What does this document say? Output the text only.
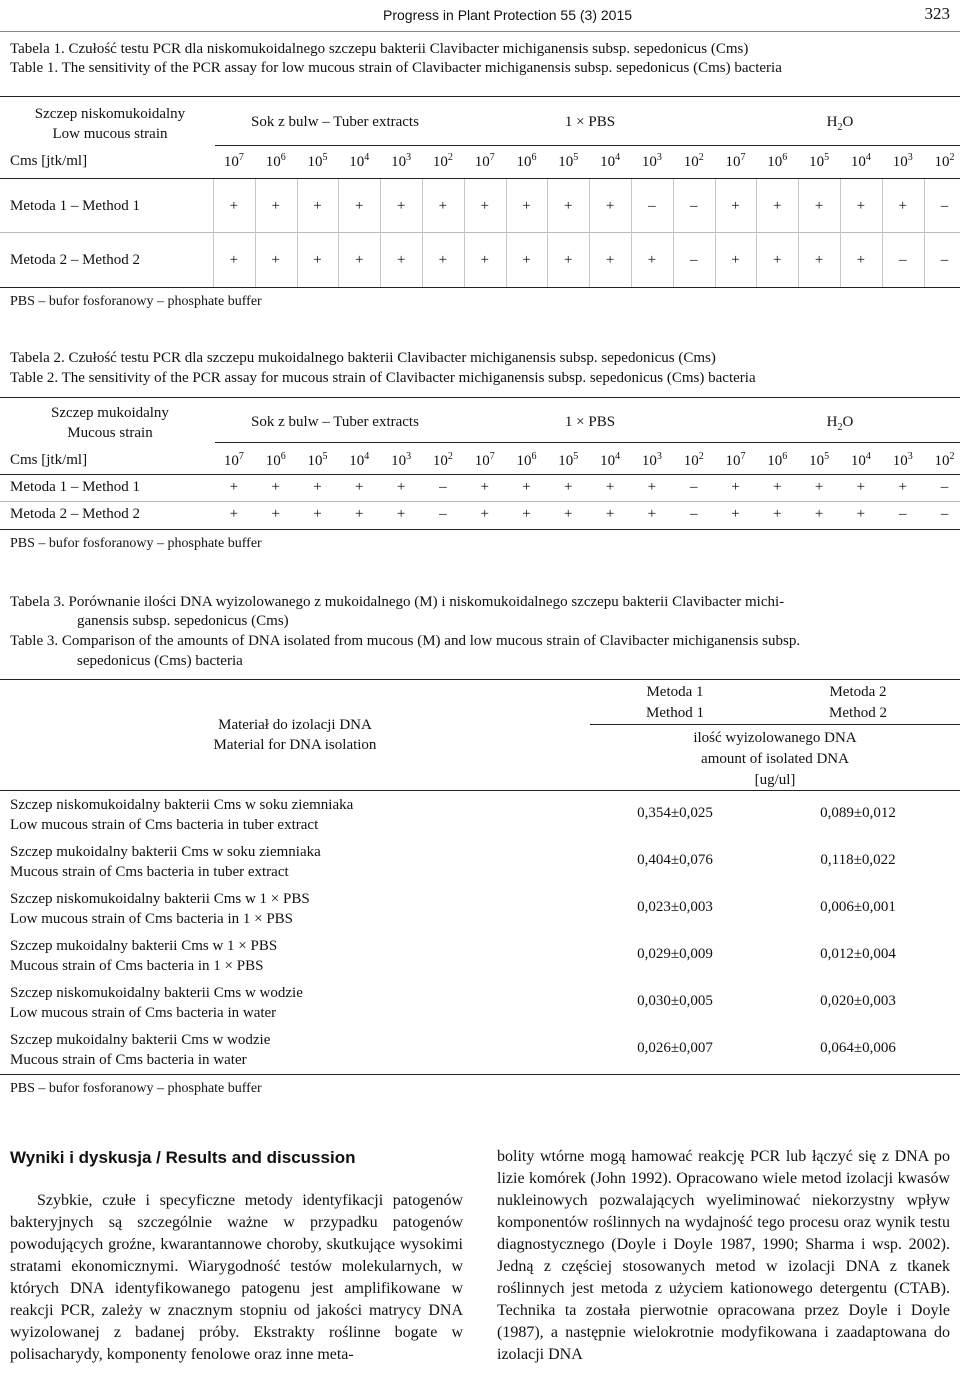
Progress in Plant Protection 55 (3) 2015	323
Tabela 1. Czułość testu PCR dla niskomukoidalnego szczepu bakterii Clavibacter michiganensis subsp. sepedonicus (Cms)
Table 1. The sensitivity of the PCR assay for low mucous strain of Clavibacter michiganensis subsp. sepedonicus (Cms) bacteria
Szczep niskomukoidalny
Low mucous strain
Sok z bulw – Tuber extracts	1 × PBS	$H_2O$
Cms [jtk/ml]	$10^7$	$10^6$	$10^5$	$10^4$	$10^3$	$10^2$	$10^7$	$10^6$	$10^5$	$10^4$	$10^3$	$10^2$	$10^7$	$10^6$	$10^5$	$10^4$	$10^3$	$10^2$
Metoda 1 – Method 1	+	+	+	+	+	+	+	+	+	+	–	–	+	+	+	+	+	–
Metoda 2 – Method 2	+	+	+	+	+	+	+	+	+	+	+	–	+	+	+	+	–	–
PBS – bufor fosforanowy – phosphate buffer
Tabela 2. Czułość testu PCR dla szczepu mukoidalnego bakterii Clavibacter michiganensis subsp. sepedonicus (Cms)
Table 2. The sensitivity of the PCR assay for mucous strain of Clavibacter michiganensis subsp. sepedonicus (Cms) bacteria
Szczep mukoidalny
Mucous strain
Sok z bulw – Tuber extracts	1 × PBS	$H_2O$
Cms [jtk/ml]	$10^7$	$10^6$	$10^5$	$10^4$	$10^3$	$10^2$	$10^7$	$10^6$	$10^5$	$10^4$	$10^3$	$10^2$	$10^7$	$10^6$	$10^5$	$10^4$	$10^3$	$10^2$
Metoda 1 – Method 1	+	+	+	+	+	–	+	+	+	+	+	–	+	+	+	+	+	–
Metoda 2 – Method 2	+	+	+	+	+	–	+	+	+	+	+	–	+	+	+	+	–	–
PBS – bufor fosforanowy – phosphate buffer
Tabela 3. Porównanie ilości DNA wyizolowanego z mukoidalnego (M) i niskomukoidalnego szczepu bakterii Clavibacter michi-
ganensis subsp. sepedonicus (Cms)
Table 3. Comparison of the amounts of DNA isolated from mucous (M) and low mucous strain of Clavibacter michiganensis subsp.
sepedonicus (Cms) bacteria
Materiał do izolacji DNA
Material for DNA isolation
Metoda 1
Method 1
Metoda 2
Method 2
ilość wyizolowanego DNA
amount of isolated DNA
[ug/ul]
Szczep niskomukoidalny bakterii Cms w soku ziemniaka
Low mucous strain of Cms bacteria in tuber extract
0,354±0,025	0,089±0,012
Szczep mukoidalny bakterii Cms w soku ziemniaka
Mucous strain of Cms bacteria in tuber extract
0,404±0,076	0,118±0,022
Szczep niskomukoidalny bakterii Cms w 1 × PBS
Low mucous strain of Cms bacteria in 1 × PBS
0,023±0,003	0,006±0,001
Szczep mukoidalny bakterii Cms w 1 × PBS
Mucous strain of Cms bacteria in 1 × PBS
0,029±0,009	0,012±0,004
Szczep niskomukoidalny bakterii Cms w wodzie
Low mucous strain of Cms bacteria in water
0,030±0,005	0,020±0,003
Szczep mukoidalny bakterii Cms w wodzie
Mucous strain of Cms bacteria in water
0,026±0,007	0,064±0,006
PBS – bufor fosforanowy – phosphate buffer
Wyniki i dyskusja / Results and discussion

Szybkie, czułe i specyficzne metody identyfikacji patogenów bakteryjnych są szczególnie ważne w przypadku patogenów powodujących groźne, kwarantannowe choroby, skutkujące wysokimi stratami ekonomicznymi. Wiarygodność testów molekularnych, w których DNA identyfikowanego patogenu jest amplifikowane w reakcji PCR, zależy w znacznym stopniu od jakości matrycy DNA wyizolowanej z badanej próby. Ekstrakty roślinne bogate w polisacharydy, komponenty fenolowe oraz inne meta-

bolity wtórne mogą hamować reakcję PCR lub łączyć się z DNA po lizie komórek (John 1992). Opracowano wiele metod izolacji kwasów nukleinowych pozwalających wyeliminować niekorzystny wpływ komponentów roślinnych na wydajność tego procesu oraz wynik testu diagnostycznego (Doyle i Doyle 1987, 1990; Sharma i wsp. 2002). Jedną z częściej stosowanych metod w izolacji DNA z tkanek roślinnych jest metoda z użyciem kationowego detergentu (CTAB). Technika ta została pierwotnie opracowana przez Doyle i Doyle (1987), a następnie wielokrotnie modyfikowana i zaadaptowana do izolacji DNA
